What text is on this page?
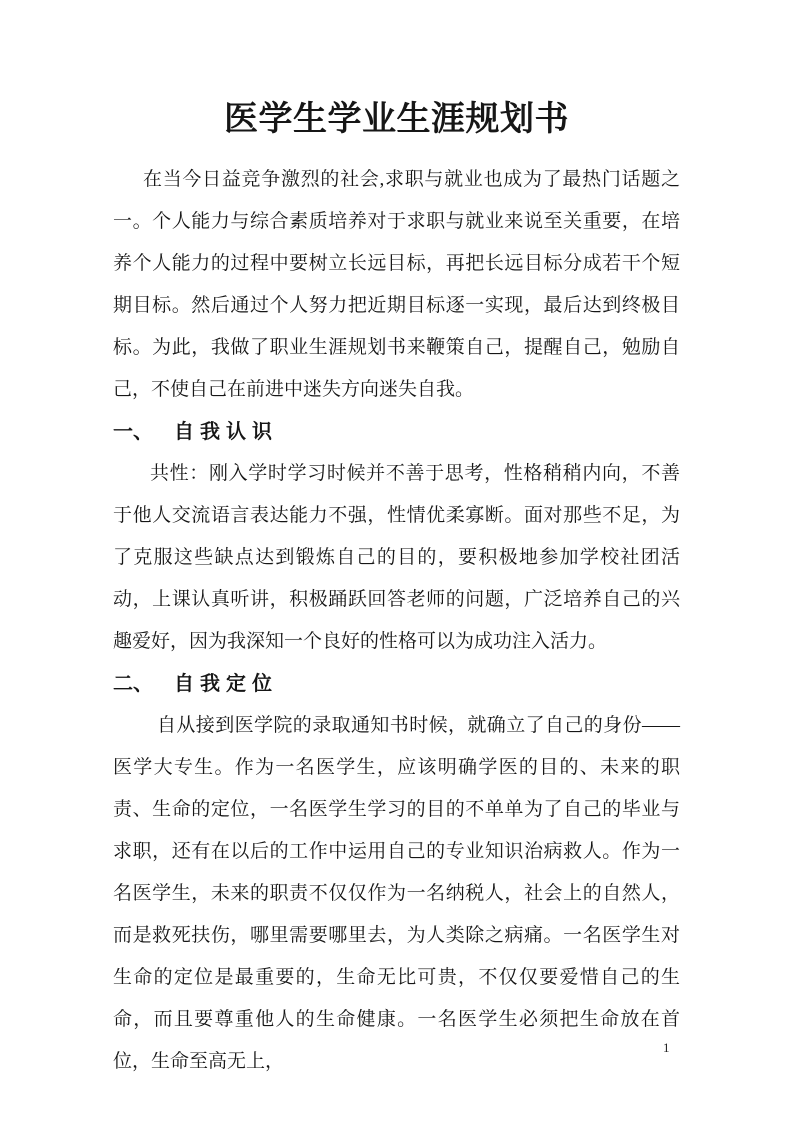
医学生学业生涯规划书

在当今日益竞争激烈的社会,求职与就业也成为了最热门话题之一。个人能力与综合素质培养对于求职与就业来说至关重要，在培养个人能力的过程中要树立长远目标，再把长远目标分成若干个短期目标。然后通过个人努力把近期目标逐一实现，最后达到终极目标。为此，我做了职业生涯规划书来鞭策自己，提醒自己，勉励自己，不使自己在前进中迷失方向迷失自我。

一、 自我认识

共性：刚入学时学习时候并不善于思考，性格稍稍内向，不善于他人交流语言表达能力不强，性情优柔寡断。面对那些不足，为了克服这些缺点达到锻炼自己的目的，要积极地参加学校社团活动，上课认真听讲，积极踊跃回答老师的问题，广泛培养自己的兴趣爱好，因为我深知一个良好的性格可以为成功注入活力。

二、 自我定位

自从接到医学院的录取通知书时候，就确立了自己的身份——医学大专生。作为一名医学生，应该明确学医的目的、未来的职责、生命的定位，一名医学生学习的目的不单单为了自己的毕业与求职，还有在以后的工作中运用自己的专业知识治病救人。作为一名医学生，未来的职责不仅仅作为一名纳税人，社会上的自然人，而是救死扶伤，哪里需要哪里去，为人类除之病痛。一名医学生对生命的定位是最重要的，生命无比可贵，不仅仅要爱惜自己的生命，而且要尊重他人的生命健康。一名医学生必须把生命放在首位，生命至高无上，

1
